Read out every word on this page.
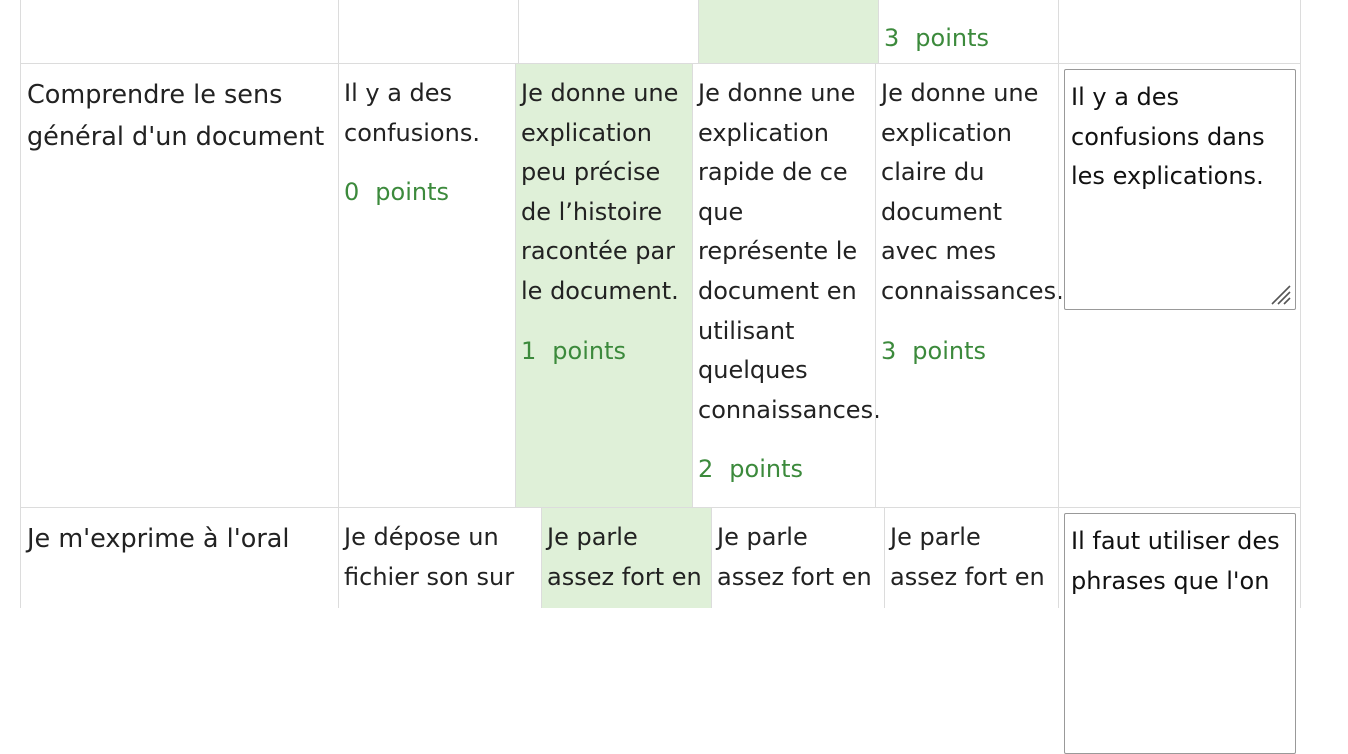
3 points
Comprendre le sens général d'un document
Il y a des confusions.
0 points
Je donne une explication peu précise de l’histoire racontée par le document.
1 points
Je donne une explication rapide de ce que représente le document en utilisant quelques connaissances.
2 points
Je donne une explication claire du document avec mes connaissances.
3 points
Il y a des confusions dans les explications.
Je m'exprime à l'oral	Je dépose un fichier son sur
Je parle assez fort en
Je parle assez fort en
Je parle assez fort en
Il faut utiliser des phrases que l'on
